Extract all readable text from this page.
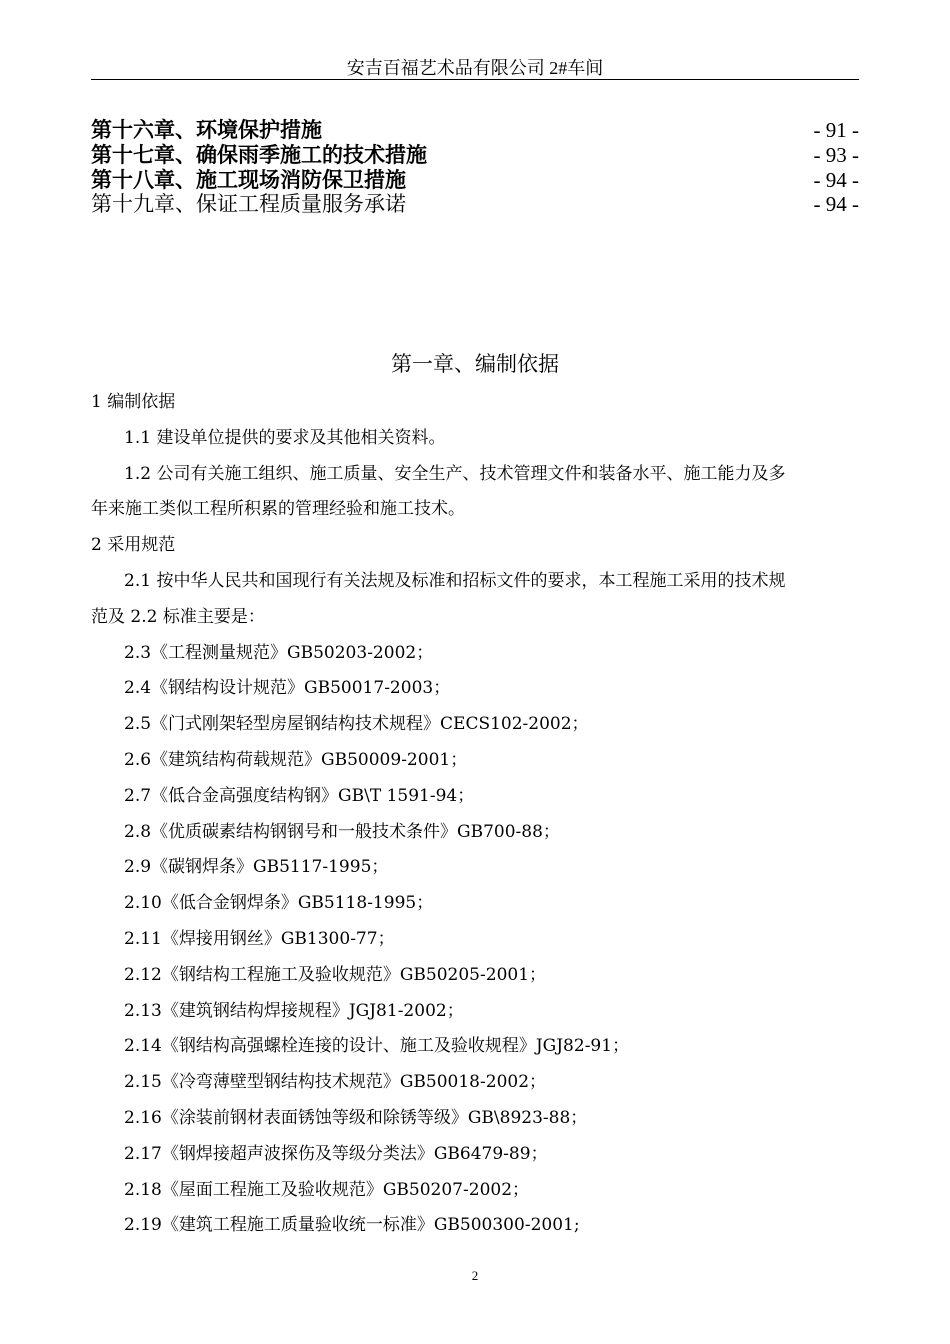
安吉百福艺术品有限公司 2#车间
第十六章、环境保护措施	- 91 -
第十七章、确保雨季施工的技术措施	- 93 -
第十八章、施工现场消防保卫措施	- 94 -
第十九章、保证工程质量服务承诺	- 94 -
第一章、编制依据
1 编制依据
1.1 建设单位提供的要求及其他相关资料。
1.2 公司有关施工组织、施工质量、安全生产、技术管理文件和装备水平、施工能力及多
年来施工类似工程所积累的管理经验和施工技术。
2 采用规范
2.1 按中华人民共和国现行有关法规及标准和招标文件的要求，本工程施工采用的技术规
范及 2.2 标准主要是：
2.3《工程测量规范》GB50203-2002；
2.4《钢结构设计规范》GB50017-2003；
2.5《门式刚架轻型房屋钢结构技术规程》CECS102-2002；
2.6《建筑结构荷载规范》GB50009-2001；
2.7《低合金高强度结构钢》GB\T 1591-94；
2.8《优质碳素结构钢钢号和一般技术条件》GB700-88；
2.9《碳钢焊条》GB5117-1995；
2.10《低合金钢焊条》GB5118-1995；
2.11《焊接用钢丝》GB1300-77；
2.12《钢结构工程施工及验收规范》GB50205-2001；
2.13《建筑钢结构焊接规程》JGJ81-2002；
2.14《钢结构高强螺栓连接的设计、施工及验收规程》JGJ82-91；
2.15《冷弯薄壁型钢结构技术规范》GB50018-2002；
2.16《涂装前钢材表面锈蚀等级和除锈等级》GB\8923-88；
2.17《钢焊接超声波探伤及等级分类法》GB6479-89；
2.18《屋面工程施工及验收规范》GB50207-2002；
2.19《建筑工程施工质量验收统一标准》GB500300-2001;
2
